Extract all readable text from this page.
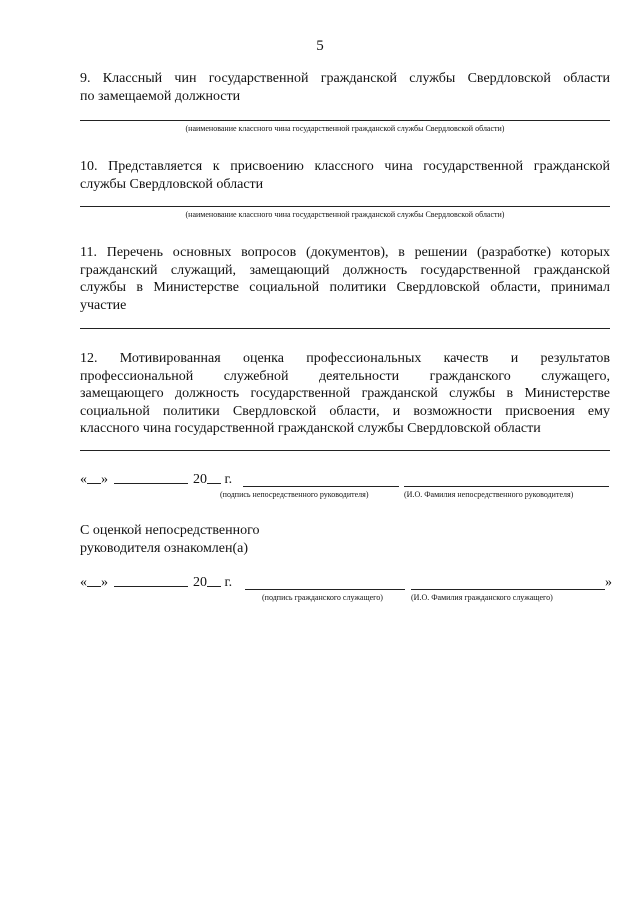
5
9. Классный чин государственной гражданской службы Свердловской области
по замещаемой должности
(наименование классного чина государственной гражданской службы Свердловской области)
10. Представляется к присвоению классного чина государственной гражданской
службы Свердловской области
(наименование классного чина государственной гражданской службы Свердловской области)
11. Перечень основных вопросов (документов), в решении (разработке) которых
гражданский служащий, замещающий должность государственной гражданской
службы в Министерстве социальной политики Свердловской области, принимал
участие
12. Мотивированная оценка профессиональных качеств и результатов
профессиональной служебной деятельности гражданского служащего,
замещающего должность государственной гражданской службы в Министерстве
социальной политики Свердловской области, и возможности присвоения ему
классного чина государственной гражданской службы Свердловской области
« »	20 г.
(подпись непосредственного руководителя)	(И.О. Фамилия непосредственного руководителя)
С оценкой непосредственного
руководителя ознакомлен(а)
« »	20 г.	»
(подпись гражданского служащего)	(И.О. Фамилия гражданского служащего)
